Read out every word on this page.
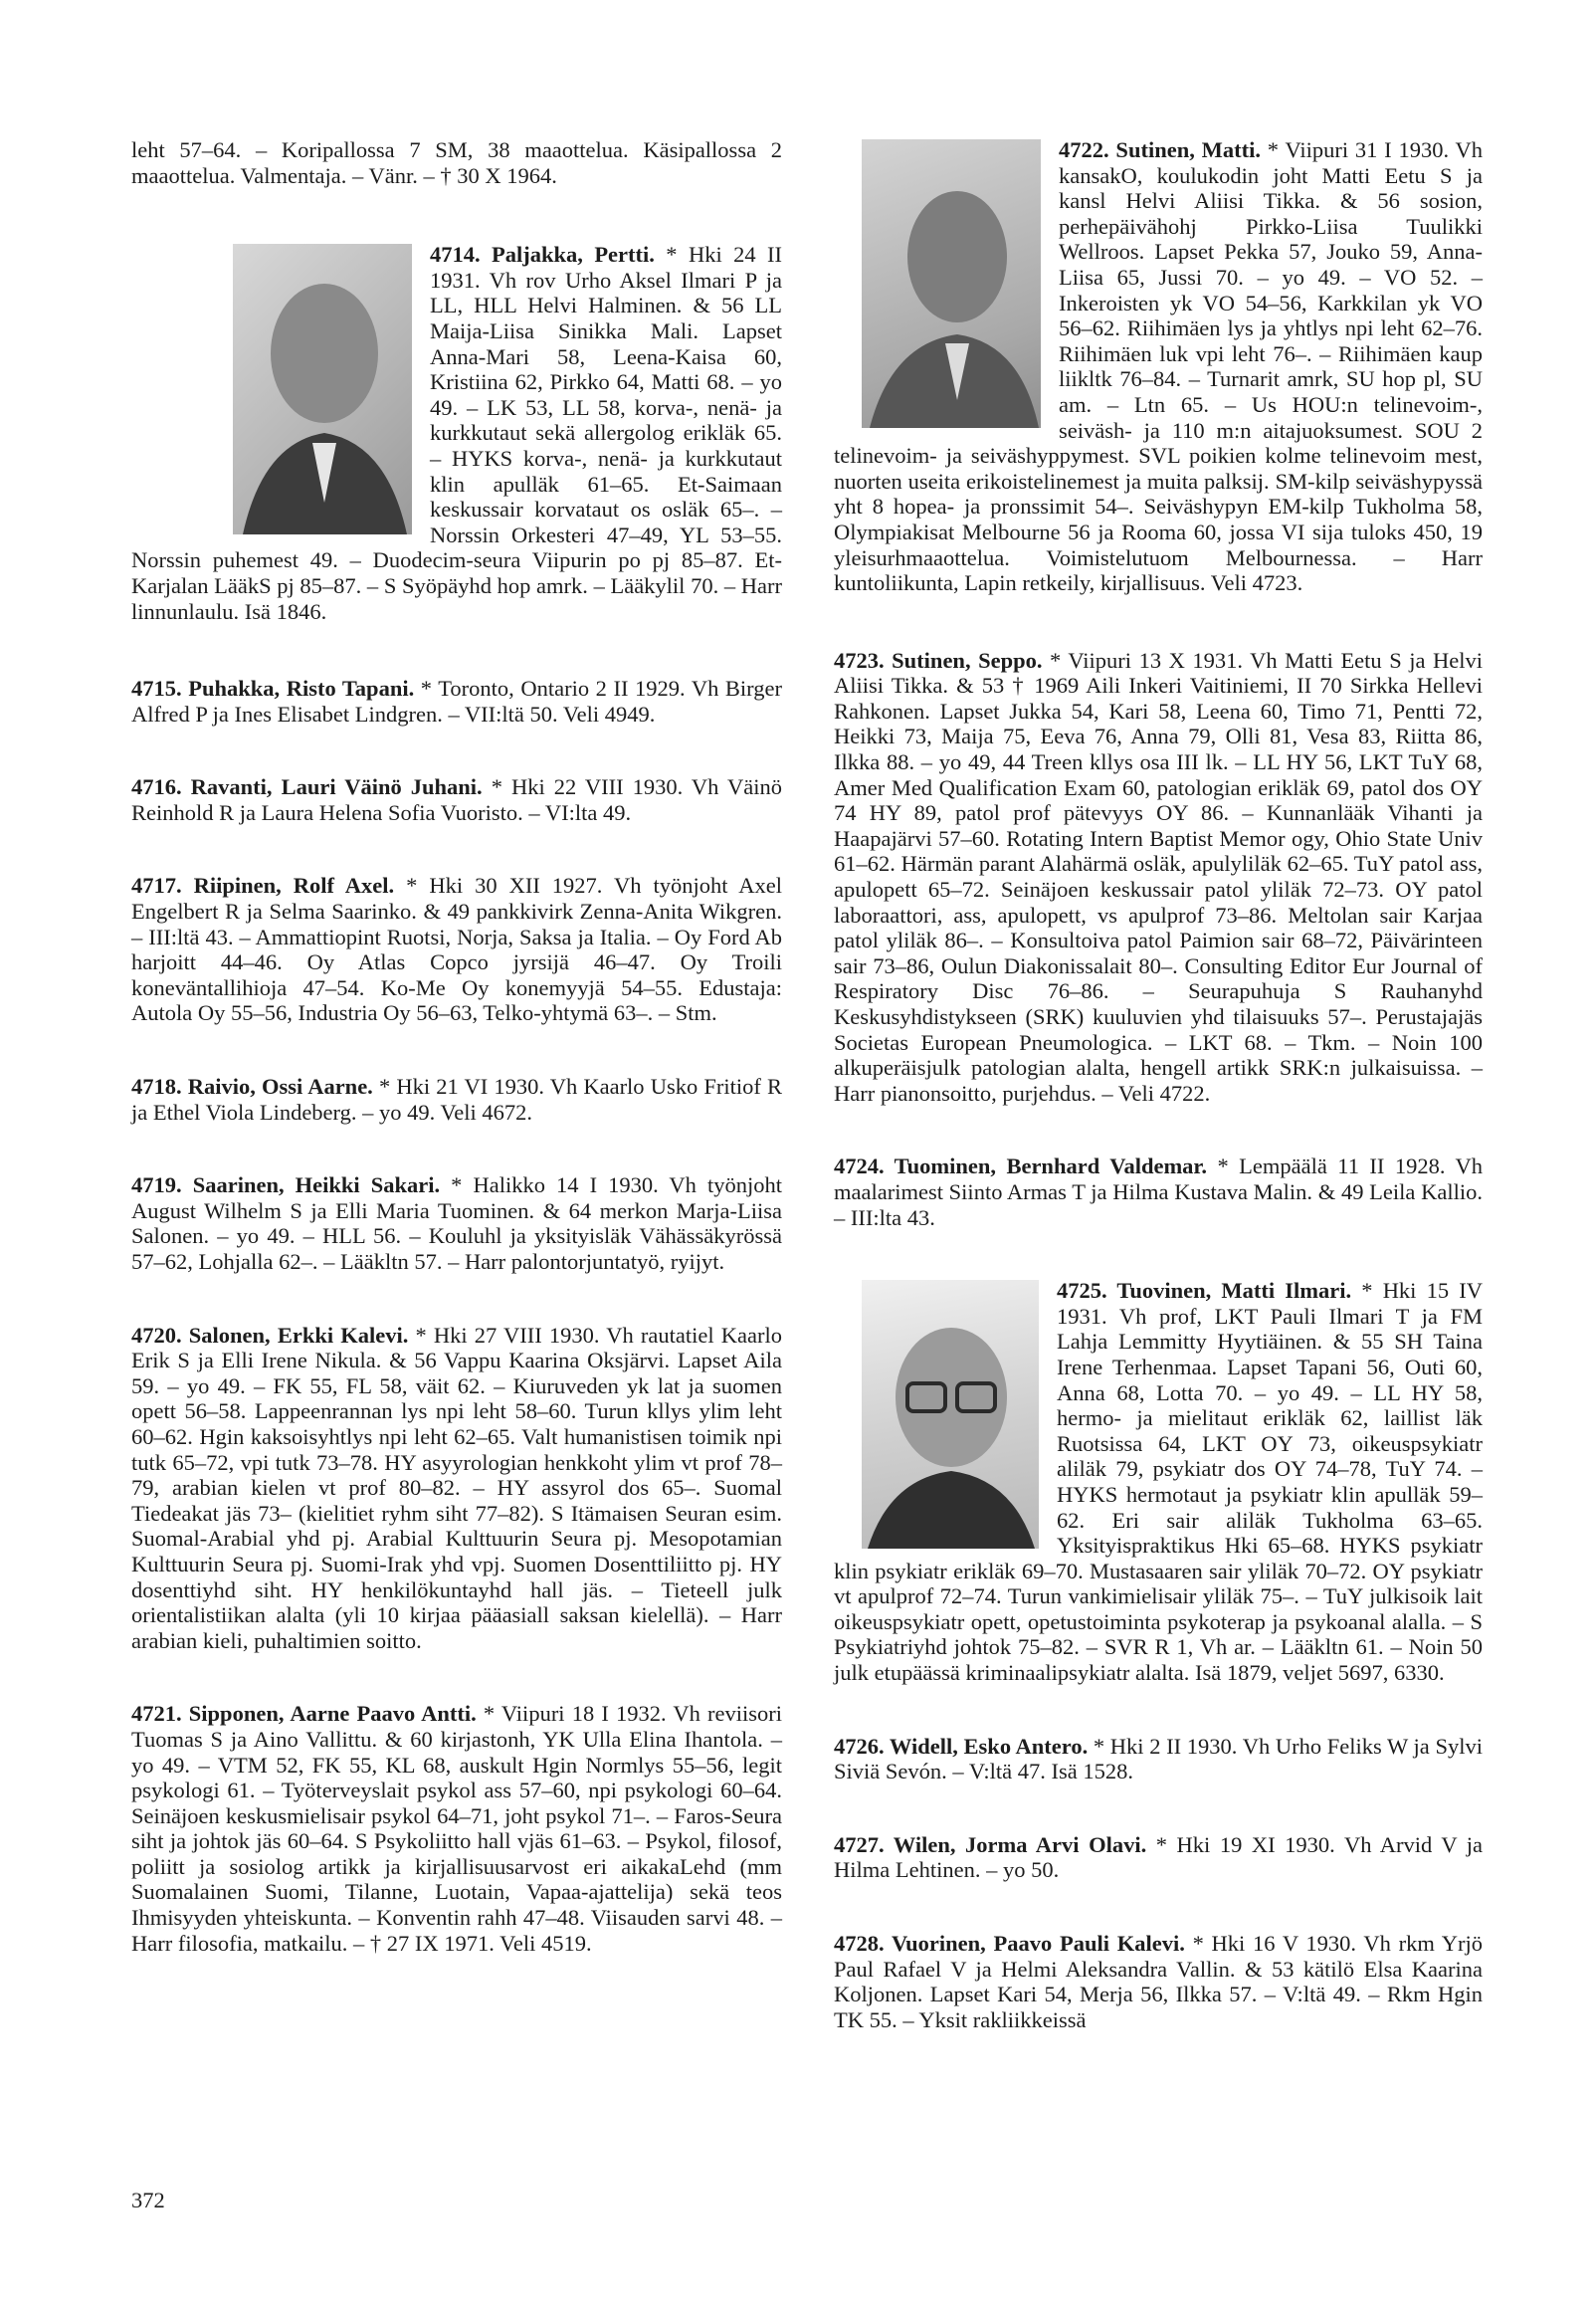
leht 57–64. – Koripallossa 7 SM, 38 maaottelua. Käsipallossa 2 maaottelua. Valmentaja. – Vänr. – † 30 X 1964.

4714. Paljakka, Pertti. * Hki 24 II 1931. Vh rov Urho Aksel Ilmari P ja LL, HLL Helvi Halminen. & 56 LL Maija-Liisa Sinikka Mali. Lapset Anna-Mari 58, Leena-Kaisa 60, Kristiina 62, Pirkko 64, Matti 68. – yo 49. – LK 53, LL 58, korva-, nenä- ja kurkkutaut sekä allergolog erikläk 65. – HYKS korva-, nenä- ja kurkkutaut klin apulläk 61–65. Et-Saimaan keskussair korvataut os osläk 65–. – Norssin Orkesteri 47–49, YL 53–55. Norssin puhemest 49. – Duodecim-seura Viipurin po pj 85–87. Et-Karjalan LääkS pj 85–87. – S Syöpäyhd hop amrk. – Lääkylil 70. – Harr linnunlaulu. Isä 1846.

4715. Puhakka, Risto Tapani. * Toronto, Ontario 2 II 1929. Vh Birger Alfred P ja Ines Elisabet Lindgren. – VII:ltä 50. Veli 4949.

4716. Ravanti, Lauri Väinö Juhani. * Hki 22 VIII 1930. Vh Väinö Reinhold R ja Laura Helena Sofia Vuoristo. – VI:lta 49.

4717. Riipinen, Rolf Axel. * Hki 30 XII 1927. Vh työnjoht Axel Engelbert R ja Selma Saarinko. & 49 pankkivirk Zenna-Anita Wikgren. – III:ltä 43. – Ammattiopint Ruotsi, Norja, Saksa ja Italia. – Oy Ford Ab harjoitt 44–46. Oy Atlas Copco jyrsijä 46–47. Oy Troili koneväntallihioja 47–54. Ko-Me Oy konemyyjä 54–55. Edustaja: Autola Oy 55–56, Industria Oy 56–63, Telko-yhtymä 63–. – Stm.

4718. Raivio, Ossi Aarne. * Hki 21 VI 1930. Vh Kaarlo Usko Fritiof R ja Ethel Viola Lindeberg. – yo 49. Veli 4672.

4719. Saarinen, Heikki Sakari. * Halikko 14 I 1930. Vh työnjoht August Wilhelm S ja Elli Maria Tuominen. & 64 merkon Marja-Liisa Salonen. – yo 49. – HLL 56. – Kouluhl ja yksityisläk Vähässäkyrössä 57–62, Lohjalla 62–. – Lääkltn 57. – Harr palontorjuntatyö, ryijyt.

4720. Salonen, Erkki Kalevi. * Hki 27 VIII 1930. Vh rautatiel Kaarlo Erik S ja Elli Irene Nikula. & 56 Vappu Kaarina Oksjärvi. Lapset Aila 59. – yo 49. – FK 55, FL 58, väit 62. – Kiuruveden yk lat ja suomen opett 56–58. Lappeenrannan lys npi leht 58–60. Turun kllys ylim leht 60–62. Hgin kaksoisyhtlys npi leht 62–65. Valt humanistisen toimik npi tutk 65–72, vpi tutk 73–78. HY asyyrologian henkkoht ylim vt prof 78–79, arabian kielen vt prof 80–82. – HY assyrol dos 65–. Suomal Tiedeakat jäs 73– (kielitiet ryhm siht 77–82). S Itämaisen Seuran esim. Suomal-Arabial yhd pj. Arabial Kulttuurin Seura pj. Mesopotamian Kulttuurin Seura pj. Suomi-Irak yhd vpj. Suomen Dosenttiliitto pj. HY dosenttiyhd siht. HY henkilökuntayhd hall jäs. – Tieteell julk orientalistiikan alalta (yli 10 kirjaa pääasiall saksan kielellä). – Harr arabian kieli, puhaltimien soitto.

4721. Sipponen, Aarne Paavo Antti. * Viipuri 18 I 1932. Vh reviisori Tuomas S ja Aino Vallittu. & 60 kirjastonh, YK Ulla Elina Ihantola. – yo 49. – VTM 52, FK 55, KL 68, auskult Hgin Normlys 55–56, legit psykologi 61. – Työterveyslait psykol ass 57–60, npi psykologi 60–64. Seinäjoen keskusmielisair psykol 64–71, joht psykol 71–. – Faros-Seura siht ja johtok jäs 60–64. S Psykoliitto hall vjäs 61–63. – Psykol, filosof, poliitt ja sosiolog artikk ja kirjallisuusarvost eri aikakaLehd (mm Suomalainen Suomi, Tilanne, Luotain, Vapaa-ajattelija) sekä teos Ihmisyyden yhteiskunta. – Konventin rahh 47–48. Viisauden sarvi 48. – Harr filosofia, matkailu. – † 27 IX 1971. Veli 4519.

4722. Sutinen, Matti. * Viipuri 31 I 1930. Vh kansakO, koulukodin joht Matti Eetu S ja kansl Helvi Aliisi Tikka. & 56 sosion, perhepäivähohj Pirkko-Liisa Tuulikki Wellroos. Lapset Pekka 57, Jouko 59, Anna-Liisa 65, Jussi 70. – yo 49. – VO 52. – Inkeroisten yk VO 54–56, Karkkilan yk VO 56–62. Riihimäen lys ja yhtlys npi leht 62–76. Riihimäen luk vpi leht 76–. – Riihimäen kaup liikltk 76–84. – Turnarit amrk, SU hop pl, SU am. – Ltn 65. – Us HOU:n telinevoim-, seiväsh- ja 110 m:n aitajuoksumest. SOU 2 telinevoim- ja seiväshyppymest. SVL poikien kolme telinevoim mest, nuorten useita erikoistelinemest ja muita palksij. SM-kilp seiväshypyssä yht 8 hopea- ja pronssimit 54–. Seiväshypyn EM-kilp Tukholma 58, Olympiakisat Melbourne 56 ja Rooma 60, jossa VI sija tuloks 450, 19 yleisurhmaaottelua. Voimistelutuom Melbournessa. – Harr kuntoliikunta, Lapin retkeily, kirjallisuus. Veli 4723.

4723. Sutinen, Seppo. * Viipuri 13 X 1931. Vh Matti Eetu S ja Helvi Aliisi Tikka. & 53 † 1969 Aili Inkeri Vaitiniemi, II 70 Sirkka Hellevi Rahkonen. Lapset Jukka 54, Kari 58, Leena 60, Timo 71, Pentti 72, Heikki 73, Maija 75, Eeva 76, Anna 79, Olli 81, Vesa 83, Riitta 86, Ilkka 88. – yo 49, 44 Treen kllys osa III lk. – LL HY 56, LKT TuY 68, Amer Med Qualification Exam 60, patologian erikläk 69, patol dos OY 74 HY 89, patol prof pätevyys OY 86. – Kunnanlääk Vihanti ja Haapajärvi 57–60. Rotating Intern Baptist Memor ogy, Ohio State Univ 61–62. Härmän parant Alahärmä osläk, apulyliläk 62–65. TuY patol ass, apulopett 65–72. Seinäjoen keskussair patol yliläk 72–73. OY patol laboraattori, ass, apulopett, vs apulprof 73–86. Meltolan sair Karjaa patol yliläk 86–. – Konsultoiva patol Paimion sair 68–72, Päivärinteen sair 73–86, Oulun Diakonissalait 80–. Consulting Editor Eur Journal of Respiratory Disc 76–86. – Seurapuhuja S Rauhanyhd Keskusyhdistykseen (SRK) kuuluvien yhd tilaisuuks 57–. Perustajajäs Societas European Pneumologica. – LKT 68. – Tkm. – Noin 100 alkuperäisjulk patologian alalta, hengell artikk SRK:n julkaisuissa. – Harr pianonsoitto, purjehdus. – Veli 4722.

4724. Tuominen, Bernhard Valdemar. * Lempäälä 11 II 1928. Vh maalarimest Siinto Armas T ja Hilma Kustava Malin. & 49 Leila Kallio. – III:lta 43.

4725. Tuovinen, Matti Ilmari. * Hki 15 IV 1931. Vh prof, LKT Pauli Ilmari T ja FM Lahja Lemmitty Hyytiäinen. & 55 SH Taina Irene Terhenmaa. Lapset Tapani 56, Outi 60, Anna 68, Lotta 70. – yo 49. – LL HY 58, hermo- ja mielitaut erikläk 62, laillist läk Ruotsissa 64, LKT OY 73, oikeuspsykiatr aliläk 79, psykiatr dos OY 74–78, TuY 74. – HYKS hermotaut ja psykiatr klin apulläk 59–62. Eri sair aliläk Tukholma 63–65. Yksityispraktikus Hki 65–68. HYKS psykiatr klin psykiatr erikläk 69–70. Mustasaaren sair yliläk 70–72. OY psykiatr vt apulprof 72–74. Turun vankimielisair yliläk 75–. – TuY julkisoik lait oikeuspsykiatr opett, opetustoiminta psykoterap ja psykoanal alalla. – S Psykiatriyhd johtok 75–82. – SVR R 1, Vh ar. – Lääkltn 61. – Noin 50 julk etupäässä kriminaalipsykiatr alalta. Isä 1879, veljet 5697, 6330.

4726. Widell, Esko Antero. * Hki 2 II 1930. Vh Urho Feliks W ja Sylvi Siviä Sevón. – V:ltä 47. Isä 1528.

4727. Wilen, Jorma Arvi Olavi. * Hki 19 XI 1930. Vh Arvid V ja Hilma Lehtinen. – yo 50.

4728. Vuorinen, Paavo Pauli Kalevi. * Hki 16 V 1930. Vh rkm Yrjö Paul Rafael V ja Helmi Aleksandra Vallin. & 53 kätilö Elsa Kaarina Koljonen. Lapset Kari 54, Merja 56, Ilkka 57. – V:ltä 49. – Rkm Hgin TK 55. – Yksit rakliikkeissä

372
